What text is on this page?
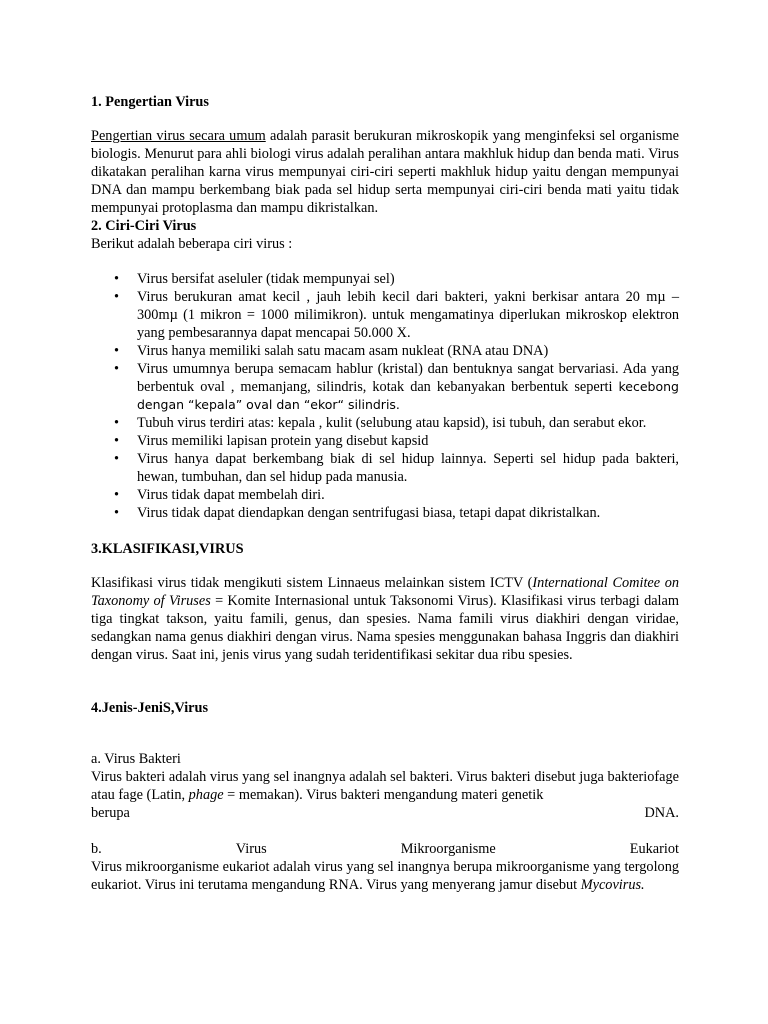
1. Pengertian Virus

Pengertian virus secara umum adalah parasit berukuran mikroskopik yang menginfeksi sel organisme biologis. Menurut para ahli biologi virus adalah peralihan antara makhluk hidup dan benda mati. Virus dikatakan peralihan karna virus mempunyai ciri-ciri seperti makhluk hidup yaitu dengan mempunyai DNA dan mampu berkembang biak pada sel hidup serta mempunyai ciri-ciri benda mati yaitu tidak mempunyai protoplasma dan mampu dikristalkan.

2. Ciri-Ciri Virus

Berikut adalah beberapa ciri virus :

• Virus bersifat aseluler (tidak mempunyai sel)
• Virus berukuran amat kecil , jauh lebih kecil dari bakteri, yakni berkisar antara 20 mµ – 300mµ (1 mikron = 1000 milimikron). untuk mengamatinya diperlukan mikroskop elektron yang pembesarannya dapat mencapai 50.000 X.
• Virus hanya memiliki salah satu macam asam nukleat (RNA atau DNA)
• Virus umumnya berupa semacam hablur (kristal) dan bentuknya sangat bervariasi. Ada yang berbentuk oval , memanjang, silindris, kotak dan kebanyakan berbentuk seperti kecebong dengan “kepala” oval dan “ekor“ silindris.
• Tubuh virus terdiri atas: kepala , kulit (selubung atau kapsid), isi tubuh, dan serabut ekor.
• Virus memiliki lapisan protein yang disebut kapsid
• Virus hanya dapat berkembang biak di sel hidup lainnya. Seperti sel hidup pada bakteri, hewan, tumbuhan, dan sel hidup pada manusia.
• Virus tidak dapat membelah diri.
• Virus tidak dapat diendapkan dengan sentrifugasi biasa, tetapi dapat dikristalkan.

3.KLASIFIKASI,VIRUS

Klasifikasi virus tidak mengikuti sistem Linnaeus melainkan sistem ICTV (International Comitee on Taxonomy of Viruses = Komite Internasional untuk Taksonomi Virus). Klasifikasi virus terbagi dalam tiga tingkat takson, yaitu famili, genus, dan spesies. Nama famili virus diakhiri dengan viridae, sedangkan nama genus diakhiri dengan virus. Nama spesies menggunakan bahasa Inggris dan diakhiri dengan virus. Saat ini, jenis virus yang sudah teridentifikasi sekitar dua ribu spesies.

4.Jenis-JeniS,Virus

a. Virus Bakteri

Virus bakteri adalah virus yang sel inangnya adalah sel bakteri. Virus bakteri disebut juga bakteriofage atau fage (Latin, phage = memakan). Virus bakteri mengandung materi genetik

berupa	DNA.
b.	Virus	Mikroorganisme	Eukariot

Virus mikroorganisme eukariot adalah virus yang sel inangnya berupa mikroorganisme yang tergolong eukariot. Virus ini terutama mengandung RNA. Virus yang menyerang jamur disebut Mycovirus.
